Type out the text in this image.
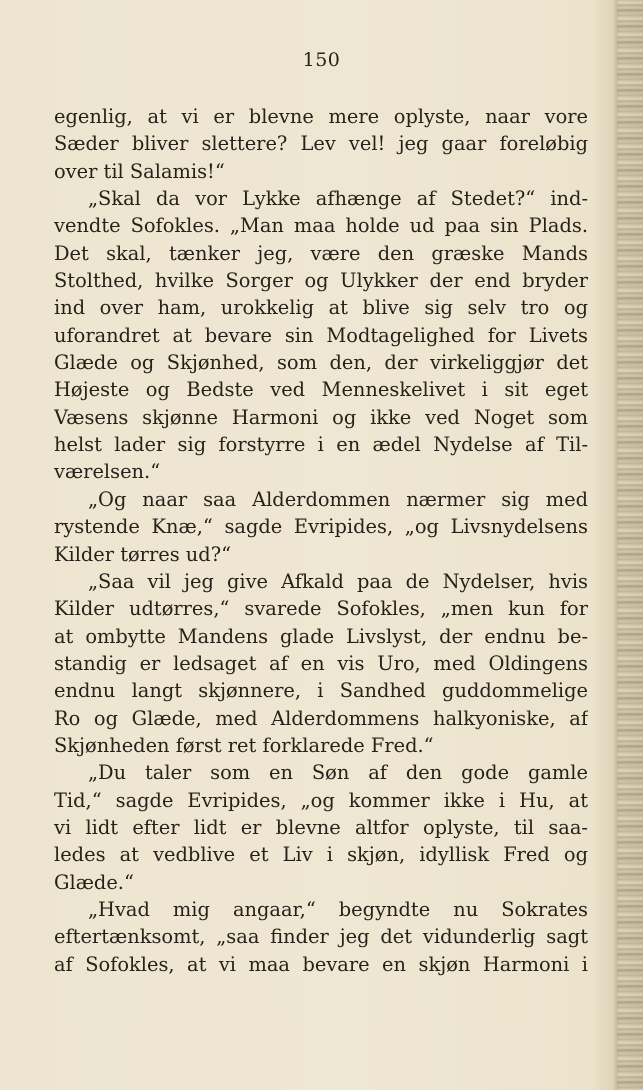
150
egenlig, at vi er blevne mere oplyste, naar vore
Sæder bliver slettere? Lev vel! jeg gaar foreløbig
over til Salamis!“
„Skal da vor Lykke afhænge af Stedet?“ ind-
vendte Sofokles. „Man maa holde ud paa sin Plads.
Det skal, tænker jeg, være den græske Mands
Stolthed, hvilke Sorger og Ulykker der end bryder
ind over ham, urokkelig at blive sig selv tro og
uforandret at bevare sin Modtagelighed for Livets
Glæde og Skjønhed, som den, der virkeliggjør det
Højeste og Bedste ved Menneskelivet i sit eget
Væsens skjønne Harmoni og ikke ved Noget som
helst lader sig forstyrre i en ædel Nydelse af Til-
værelsen.“
„Og naar saa Alderdommen nærmer sig med
rystende Knæ,“ sagde Evripides, „og Livsnydelsens
Kilder tørres ud?“
„Saa vil jeg give Afkald paa de Nydelser, hvis
Kilder udtørres,“ svarede Sofokles, „men kun for
at ombytte Mandens glade Livslyst, der endnu be-
standig er ledsaget af en vis Uro, med Oldingens
endnu langt skjønnere, i Sandhed guddommelige
Ro og Glæde, med Alderdommens halkyoniske, af
Skjønheden først ret forklarede Fred.“
„Du taler som en Søn af den gode gamle
Tid,“ sagde Evripides, „og kommer ikke i Hu, at
vi lidt efter lidt er blevne altfor oplyste, til saa-
ledes at vedblive et Liv i skjøn, idyllisk Fred og
Glæde.“
„Hvad mig angaar,“ begyndte nu Sokrates
eftertænksomt, „saa finder jeg det vidunderlig sagt
af Sofokles, at vi maa bevare en skjøn Harmoni i
